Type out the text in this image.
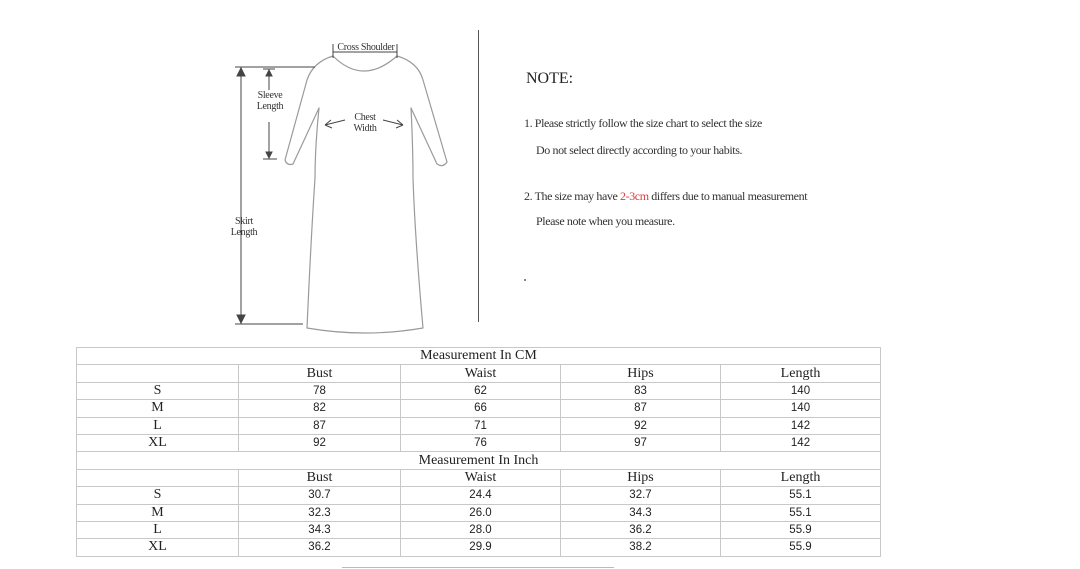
Cross Shoulder
Sleeve
Length
Chest
Width
Skirt
Length
NOTE:
1. Please strictly follow the size chart to select the size
Do not select directly according to your habits.
2. The size may have 2-3cm differs due to manual measurement
Please note when you measure.
Measurement In CM				
	Bust	Waist	Hips	Length
S	78	62	83	140
M	82	66	87	140
L	87	71	92	142
XL	92	76	97	142
Measurement In Inch				
	Bust	Waist	Hips	Length
S	30.7	24.4	32.7	55.1
M	32.3	26.0	34.3	55.1
L	34.3	28.0	36.2	55.9
XL	36.2	29.9	38.2	55.9
